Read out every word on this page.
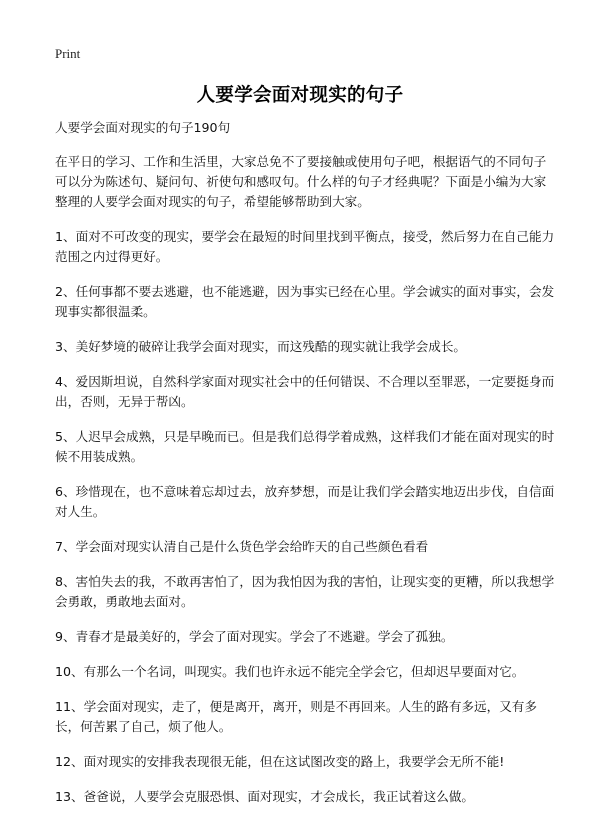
Print
人要学会面对现实的句子
人要学会面对现实的句子190句
在平日的学习、工作和生活里，大家总免不了要接触或使用句子吧，根据语气的不同句子可以分为陈述句、疑问句、祈使句和感叹句。什么样的句子才经典呢？下面是小编为大家整理的人要学会面对现实的句子，希望能够帮助到大家。
1、面对不可改变的现实，要学会在最短的时间里找到平衡点，接受，然后努力在自己能力范围之内过得更好。
2、任何事都不要去逃避，也不能逃避，因为事实已经在心里。学会诚实的面对事实，会发现事实都很温柔。
3、美好梦境的破碎让我学会面对现实，而这残酷的现实就让我学会成长。
4、爱因斯坦说，自然科学家面对现实社会中的任何错误、不合理以至罪恶，一定要挺身而出，否则，无异于帮凶。
5、人迟早会成熟，只是早晚而已。但是我们总得学着成熟，这样我们才能在面对现实的时候不用装成熟。
6、珍惜现在，也不意味着忘却过去，放弃梦想，而是让我们学会踏实地迈出步伐，自信面对人生。
7、学会面对现实认清自己是什么货色学会给昨天的自己些颜色看看
8、害怕失去的我，不敢再害怕了，因为我怕因为我的害怕，让现实变的更糟，所以我想学会勇敢，勇敢地去面对。
9、青春才是最美好的，学会了面对现实。学会了不逃避。学会了孤独。
10、有那么一个名词，叫现实。我们也许永远不能完全学会它，但却迟早要面对它。
11、学会面对现实，走了，便是离开，离开，则是不再回来。人生的路有多远，又有多长，何苦累了自己，烦了他人。
12、面对现实的安排我表现很无能，但在这试图改变的路上，我要学会无所不能!
13、爸爸说，人要学会克服恐惧、面对现实，才会成长，我正试着这么做。
